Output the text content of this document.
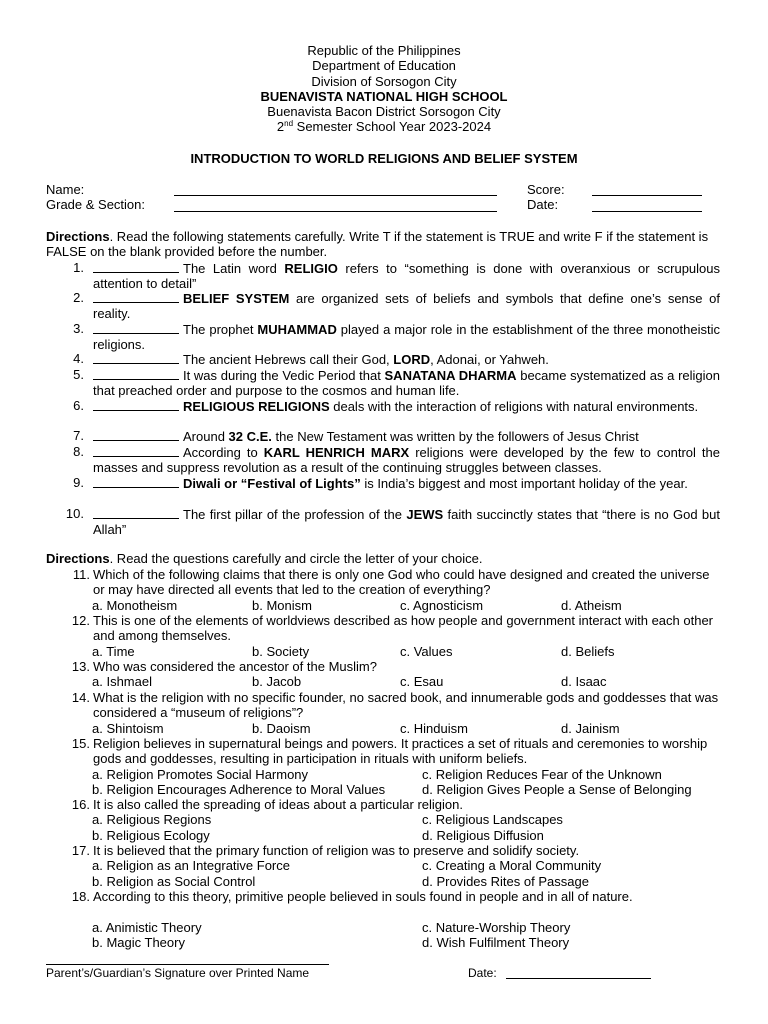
Republic of the Philippines
Department of Education
Division of Sorsogon City
BUENAVISTA NATIONAL HIGH SCHOOL
Buenavista Bacon District Sorsogon City
2nd Semester School Year 2023-2024
INTRODUCTION TO WORLD RELIGIONS AND BELIEF SYSTEM
Name:
Grade & Section:
Score:
Date:
Directions. Read the following statements carefully. Write T if the statement is TRUE and write F if the statement is FALSE on the blank provided before the number.
1.	The Latin word RELIGIO refers to “something is done with overanxious or scrupulous attention to detail”
2.	BELIEF SYSTEM are organized sets of beliefs and symbols that define one’s sense of reality.
3.	The prophet MUHAMMAD played a major role in the establishment of the three monotheistic religions.
4.	The ancient Hebrews call their God, LORD, Adonai, or Yahweh.
5.	It was during the Vedic Period that SANATANA DHARMA became systematized as a religion that preached order and purpose to the cosmos and human life.
6.	RELIGIOUS RELIGIONS deals with the interaction of religions with natural environments.
7.	Around 32 C.E. the New Testament was written by the followers of Jesus Christ
8.	According to KARL HENRICH MARX religions were developed by the few to control the masses and suppress revolution as a result of the continuing struggles between classes.
9.	Diwali or “Festival of Lights” is India’s biggest and most important holiday of the year.
10.	The first pillar of the profession of the JEWS faith succinctly states that “there is no God but Allah”
Directions. Read the questions carefully and circle the letter of your choice.
11. Which of the following claims that there is only one God who could have designed and created the universe or may have directed all events that led to the creation of everything?
a. Monotheism	b. Monism	c. Agnosticism	d. Atheism
12. This is one of the elements of worldviews described as how people and government interact with each other and among themselves.
a. Time	b. Society	c. Values	d. Beliefs
13. Who was considered the ancestor of the Muslim?
a. Ishmael	b. Jacob	c. Esau	d. Isaac
14. What is the religion with no specific founder, no sacred book, and innumerable gods and goddesses that was considered a “museum of religions”?
a. Shintoism	b. Daoism	c. Hinduism	d. Jainism
15. Religion believes in supernatural beings and powers. It practices a set of rituals and ceremonies to worship gods and goddesses, resulting in participation in rituals with uniform beliefs.
a. Religion Promotes Social Harmony	c. Religion Reduces Fear of the Unknown
b. Religion Encourages Adherence to Moral Values	d. Religion Gives People a Sense of Belonging
16. It is also called the spreading of ideas about a particular religion.
a. Religious Regions	c. Religious Landscapes
b. Religious Ecology	d. Religious Diffusion
17. It is believed that the primary function of religion was to preserve and solidify society.
a. Religion as an Integrative Force	c. Creating a Moral Community
b. Religion as Social Control	d. Provides Rites of Passage
18. According to this theory, primitive people believed in souls found in people and in all of nature.
a. Animistic Theory	c. Nature-Worship Theory
b. Magic Theory	d. Wish Fulfilment Theory
Parent’s/Guardian’s Signature over Printed Name	Date:
